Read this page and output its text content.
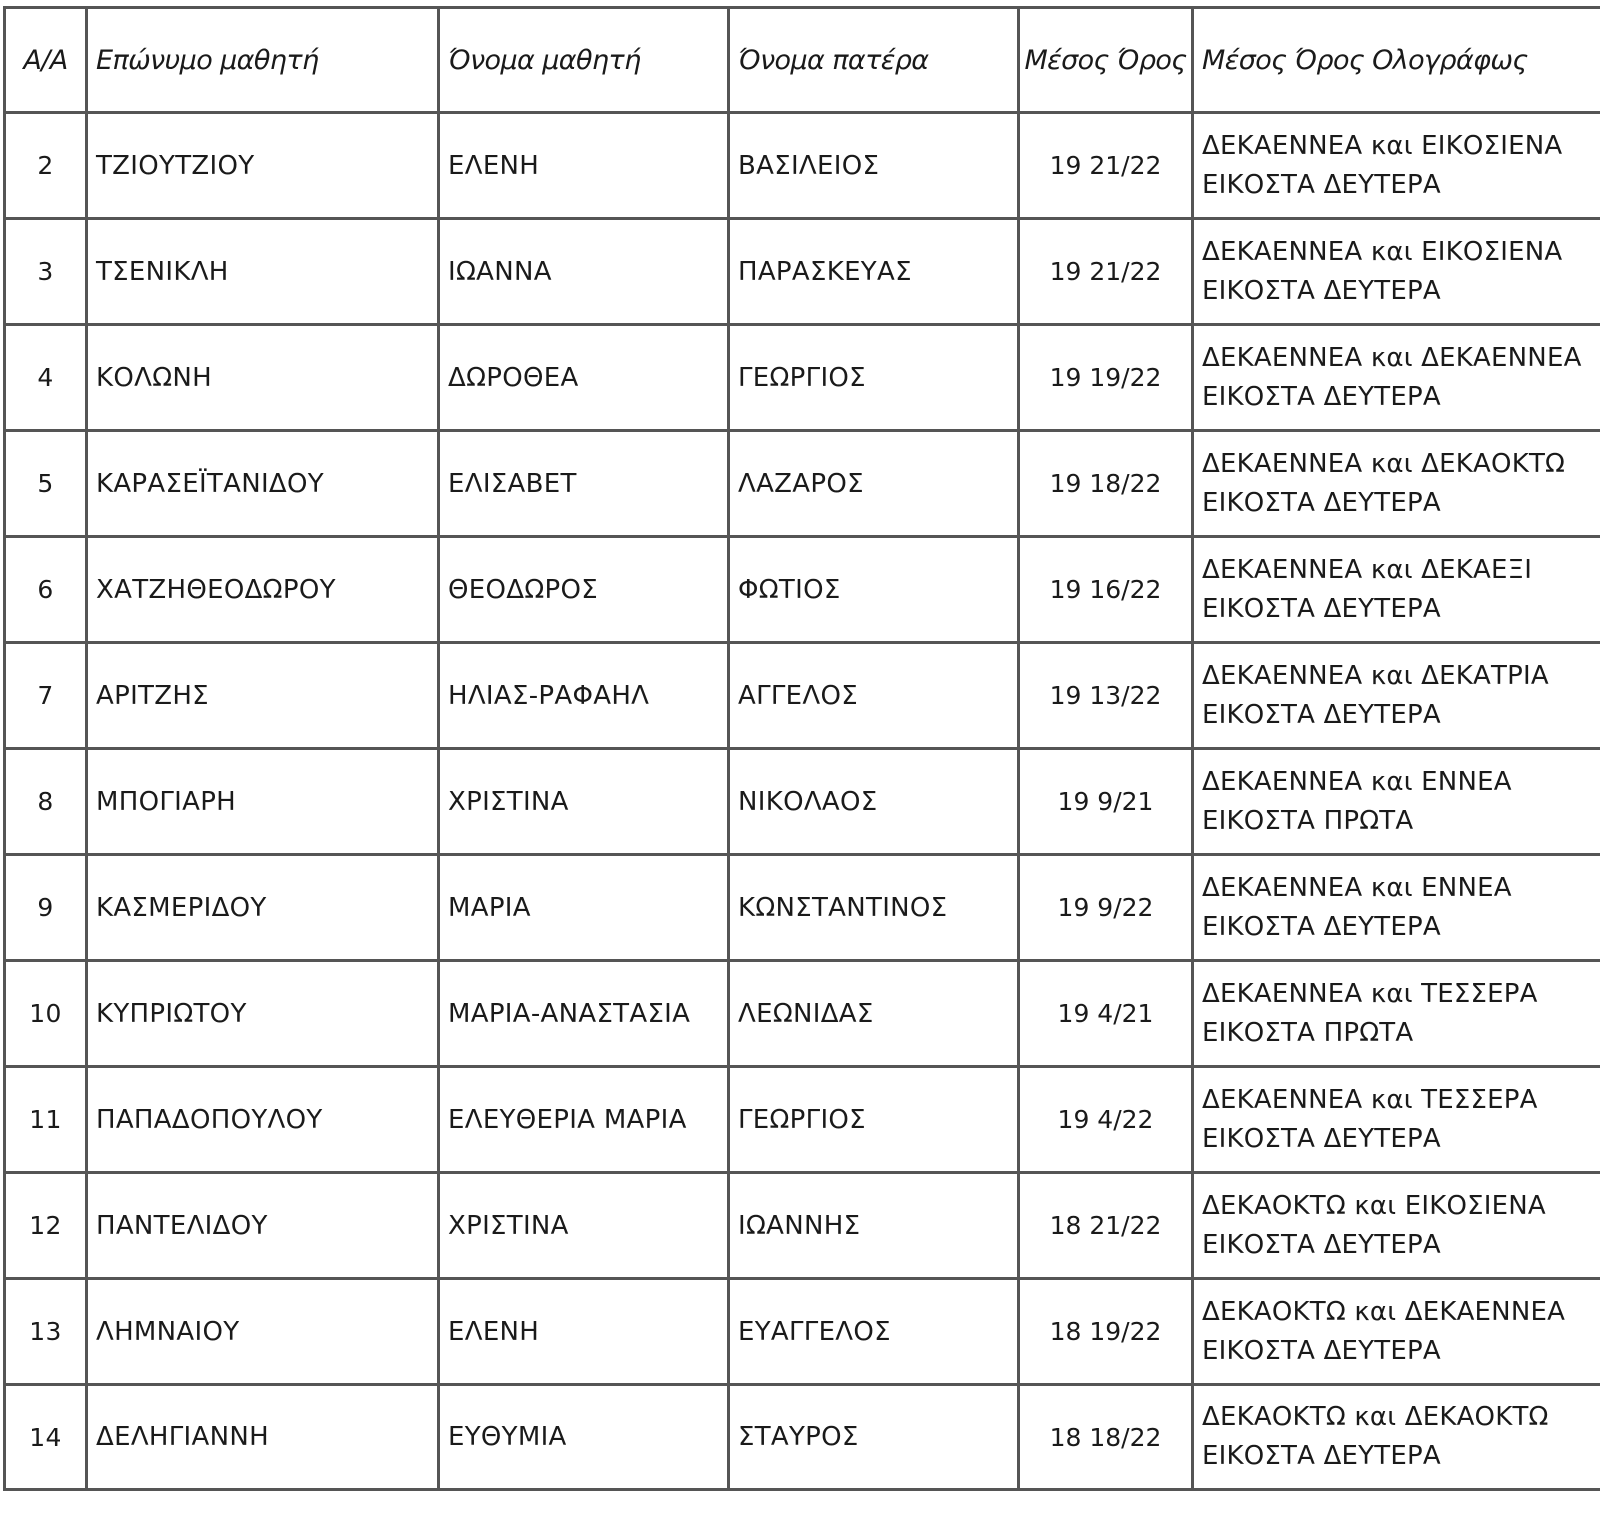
Α/Α	Επώνυμο μαθητή	Όνομα μαθητή	Όνομα πατέρα	Μέσος Όρος	Μέσος Όρος Ολογράφως
2	ΤΖΙΟΥΤΖΙΟΥ	ΕΛΕΝΗ	ΒΑΣΙΛΕΙΟΣ	19 21/22	ΔΕΚΑΕΝΝΕΑ και ΕΙΚΟΣΙΕΝΑ ΕΙΚΟΣΤΑ ΔΕΥΤΕΡΑ
3	ΤΣΕΝΙΚΛΗ	ΙΩΑΝΝΑ	ΠΑΡΑΣΚΕΥΑΣ	19 21/22	ΔΕΚΑΕΝΝΕΑ και ΕΙΚΟΣΙΕΝΑ ΕΙΚΟΣΤΑ ΔΕΥΤΕΡΑ
4	ΚΟΛΩΝΗ	ΔΩΡΟΘΕΑ	ΓΕΩΡΓΙΟΣ	19 19/22	ΔΕΚΑΕΝΝΕΑ και ΔΕΚΑΕΝΝΕΑ ΕΙΚΟΣΤΑ ΔΕΥΤΕΡΑ
5	ΚΑΡΑΣΕΪΤΑΝΙΔΟΥ	ΕΛΙΣΑΒΕΤ	ΛΑΖΑΡΟΣ	19 18/22	ΔΕΚΑΕΝΝΕΑ και ΔΕΚΑΟΚΤΩ ΕΙΚΟΣΤΑ ΔΕΥΤΕΡΑ
6	ΧΑΤΖΗΘΕΟΔΩΡΟΥ	ΘΕΟΔΩΡΟΣ	ΦΩΤΙΟΣ	19 16/22	ΔΕΚΑΕΝΝΕΑ και ΔΕΚΑΕΞΙ ΕΙΚΟΣΤΑ ΔΕΥΤΕΡΑ
7	ΑΡΙΤΖΗΣ	ΗΛΙΑΣ-ΡΑΦΑΗΛ	ΑΓΓΕΛΟΣ	19 13/22	ΔΕΚΑΕΝΝΕΑ και ΔΕΚΑΤΡΙΑ ΕΙΚΟΣΤΑ ΔΕΥΤΕΡΑ
8	ΜΠΟΓΙΑΡΗ	ΧΡΙΣΤΙΝΑ	ΝΙΚΟΛΑΟΣ	19 9/21	ΔΕΚΑΕΝΝΕΑ και ΕΝΝΕΑ ΕΙΚΟΣΤΑ ΠΡΩΤΑ
9	ΚΑΣΜΕΡΙΔΟΥ	ΜΑΡΙΑ	ΚΩΝΣΤΑΝΤΙΝΟΣ	19 9/22	ΔΕΚΑΕΝΝΕΑ και ΕΝΝΕΑ ΕΙΚΟΣΤΑ ΔΕΥΤΕΡΑ
10	ΚΥΠΡΙΩΤΟΥ	ΜΑΡΙΑ-ΑΝΑΣΤΑΣΙΑ	ΛΕΩΝΙΔΑΣ	19 4/21	ΔΕΚΑΕΝΝΕΑ και ΤΕΣΣΕΡΑ ΕΙΚΟΣΤΑ ΠΡΩΤΑ
11	ΠΑΠΑΔΟΠΟΥΛΟΥ	ΕΛΕΥΘΕΡΙΑ ΜΑΡΙΑ	ΓΕΩΡΓΙΟΣ	19 4/22	ΔΕΚΑΕΝΝΕΑ και ΤΕΣΣΕΡΑ ΕΙΚΟΣΤΑ ΔΕΥΤΕΡΑ
12	ΠΑΝΤΕΛΙΔΟΥ	ΧΡΙΣΤΙΝΑ	ΙΩΑΝΝΗΣ	18 21/22	ΔΕΚΑΟΚΤΩ και ΕΙΚΟΣΙΕΝΑ ΕΙΚΟΣΤΑ ΔΕΥΤΕΡΑ
13	ΛΗΜΝΑΙΟΥ	ΕΛΕΝΗ	ΕΥΑΓΓΕΛΟΣ	18 19/22	ΔΕΚΑΟΚΤΩ και ΔΕΚΑΕΝΝΕΑ ΕΙΚΟΣΤΑ ΔΕΥΤΕΡΑ
14	ΔΕΛΗΓΙΑΝΝΗ	ΕΥΘΥΜΙΑ	ΣΤΑΥΡΟΣ	18 18/22	ΔΕΚΑΟΚΤΩ και ΔΕΚΑΟΚΤΩ ΕΙΚΟΣΤΑ ΔΕΥΤΕΡΑ
